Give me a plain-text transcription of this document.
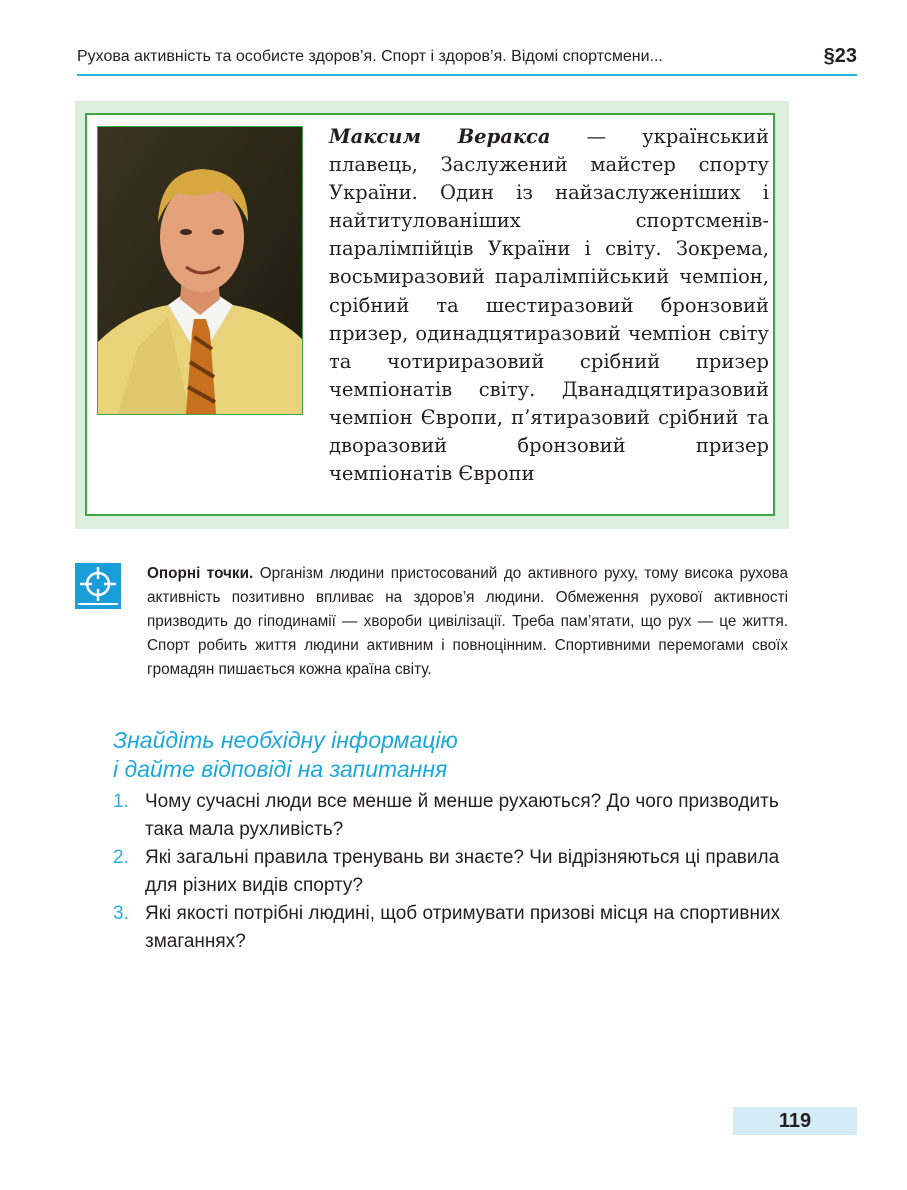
Рухова активність та особисте здоров’я. Спорт і здоров’я. Відомі спортсмени...	§23
Максим Веракса — український плавець, Заслужений майстер спорту України. Один із найзаслуженіших і найтитулованіших спортсменів-паралімпійців України і світу. Зокрема, восьмиразовий паралімпійський чемпіон, срібний та шестиразовий бронзовий призер, одинадцятиразовий чемпіон світу та чотириразовий срібний призер чемпіонатів світу. Дванадцятиразовий чемпіон Європи, п’ятиразовий срібний та дворазовий бронзовий призер чемпіонатів Європи
Опорні точки. Організм людини пристосований до активного руху, тому висока рухова активність позитивно впливає на здоров’я людини. Обмеження рухової активності призводить до гіподинамії — хвороби цивілізації. Треба пам’ятати, що рух — це життя. Спорт робить життя людини активним і повноцінним. Спортивними перемогами своїх громадян пишається кожна країна світу.
Знайдіть необхідну інформацію
і дайте відповіді на запитання
1. Чому сучасні люди все менше й менше рухаються? До чого призводить така мала рухливість?
2. Які загальні правила тренувань ви знаєте? Чи відрізняються ці правила для різних видів спорту?
3. Які якості потрібні людині, щоб отримувати призові місця на спортивних змаганнях?
119
